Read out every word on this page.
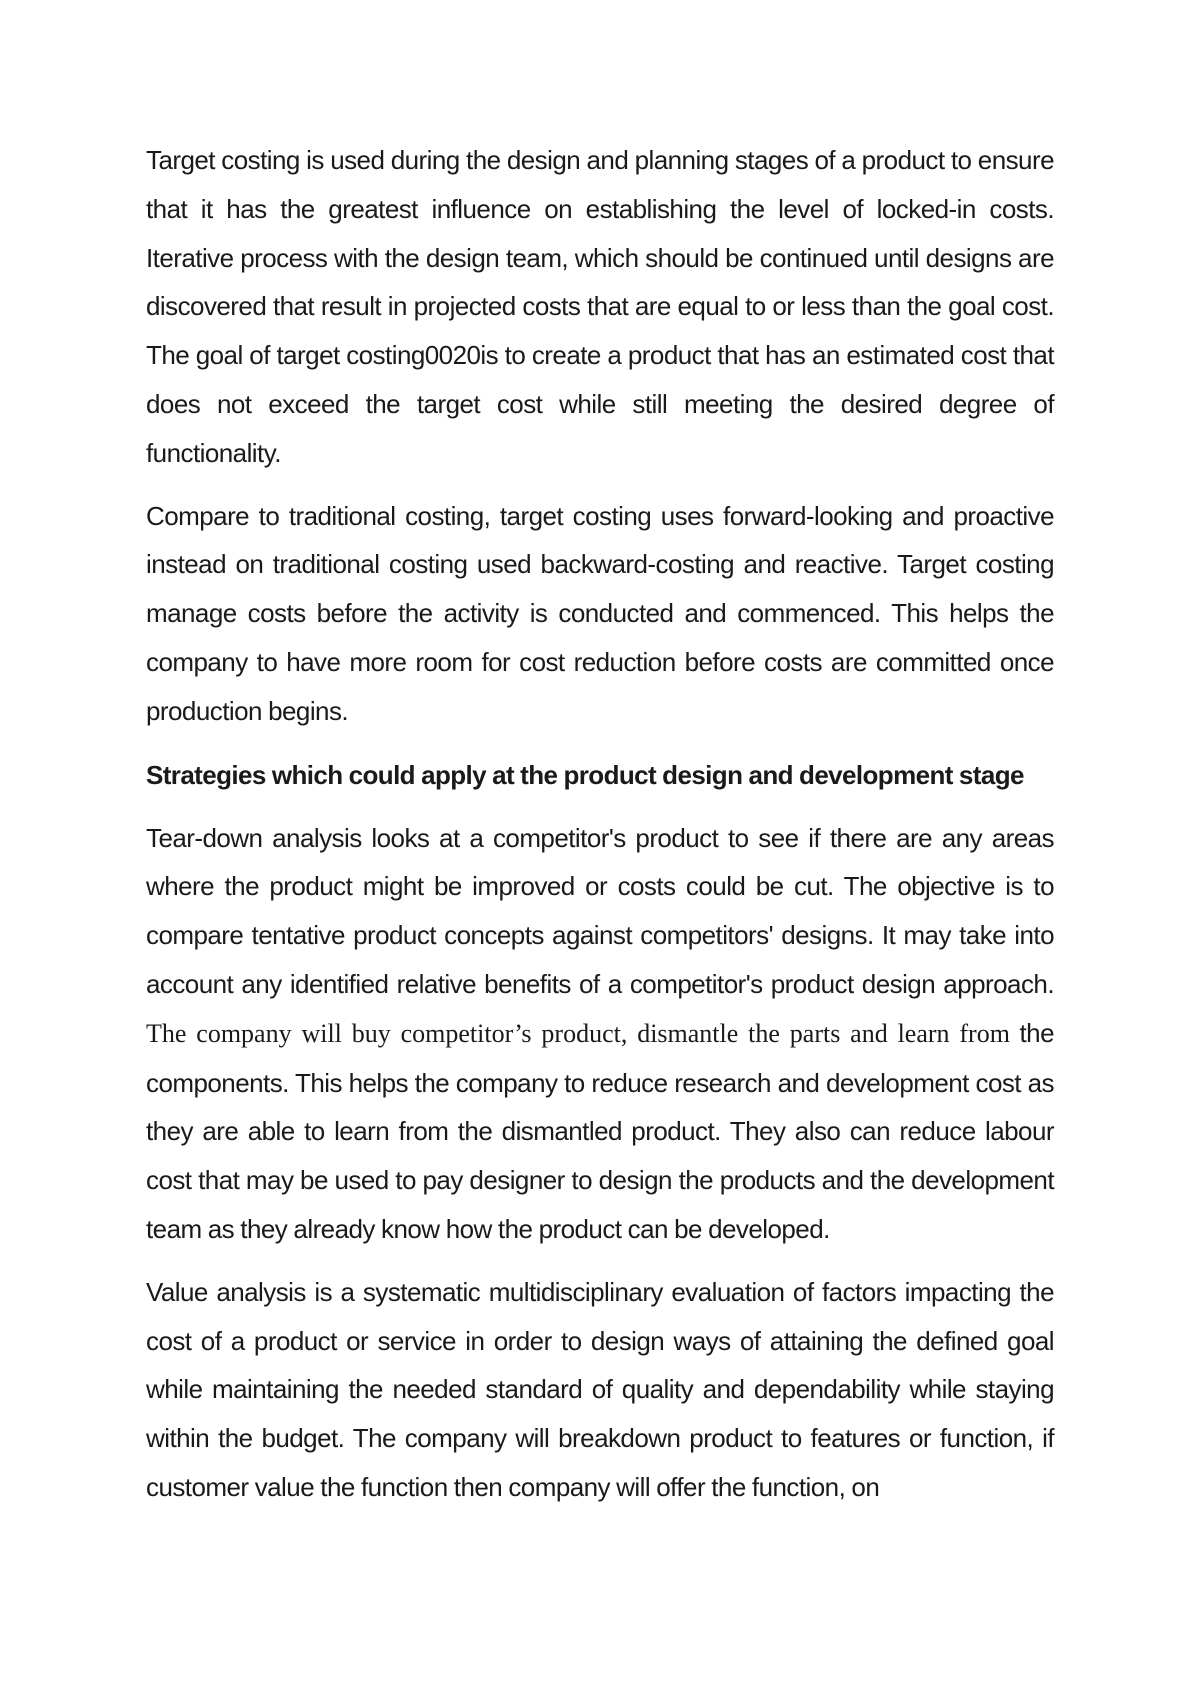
Target costing is used during the design and planning stages of a product to ensure that it has the greatest influence on establishing the level of locked-in costs. Iterative process with the design team, which should be continued until designs are discovered that result in projected costs that are equal to or less than the goal cost. The goal of target costing0020is to create a product that has an estimated cost that does not exceed the target cost while still meeting the desired degree of functionality.

Compare to traditional costing, target costing uses forward-looking and proactive instead on traditional costing used backward-costing and reactive. Target costing manage costs before the activity is conducted and commenced. This helps the company to have more room for cost reduction before costs are committed once production begins.

Strategies which could apply at the product design and development stage

Tear-down analysis looks at a competitor's product to see if there are any areas where the product might be improved or costs could be cut. The objective is to compare tentative product concepts against competitors' designs. It may take into account any identified relative benefits of a competitor's product design approach. The company will buy competitor’s product, dismantle the parts and learn from the components. This helps the company to reduce research and development cost as they are able to learn from the dismantled product. They also can reduce labour cost that may be used to pay designer to design the products and the development team as they already know how the product can be developed.

Value analysis is a systematic multidisciplinary evaluation of factors impacting the cost of a product or service in order to design ways of attaining the defined goal while maintaining the needed standard of quality and dependability while staying within the budget. The company will breakdown product to features or function, if customer value the function then company will offer the function, on
